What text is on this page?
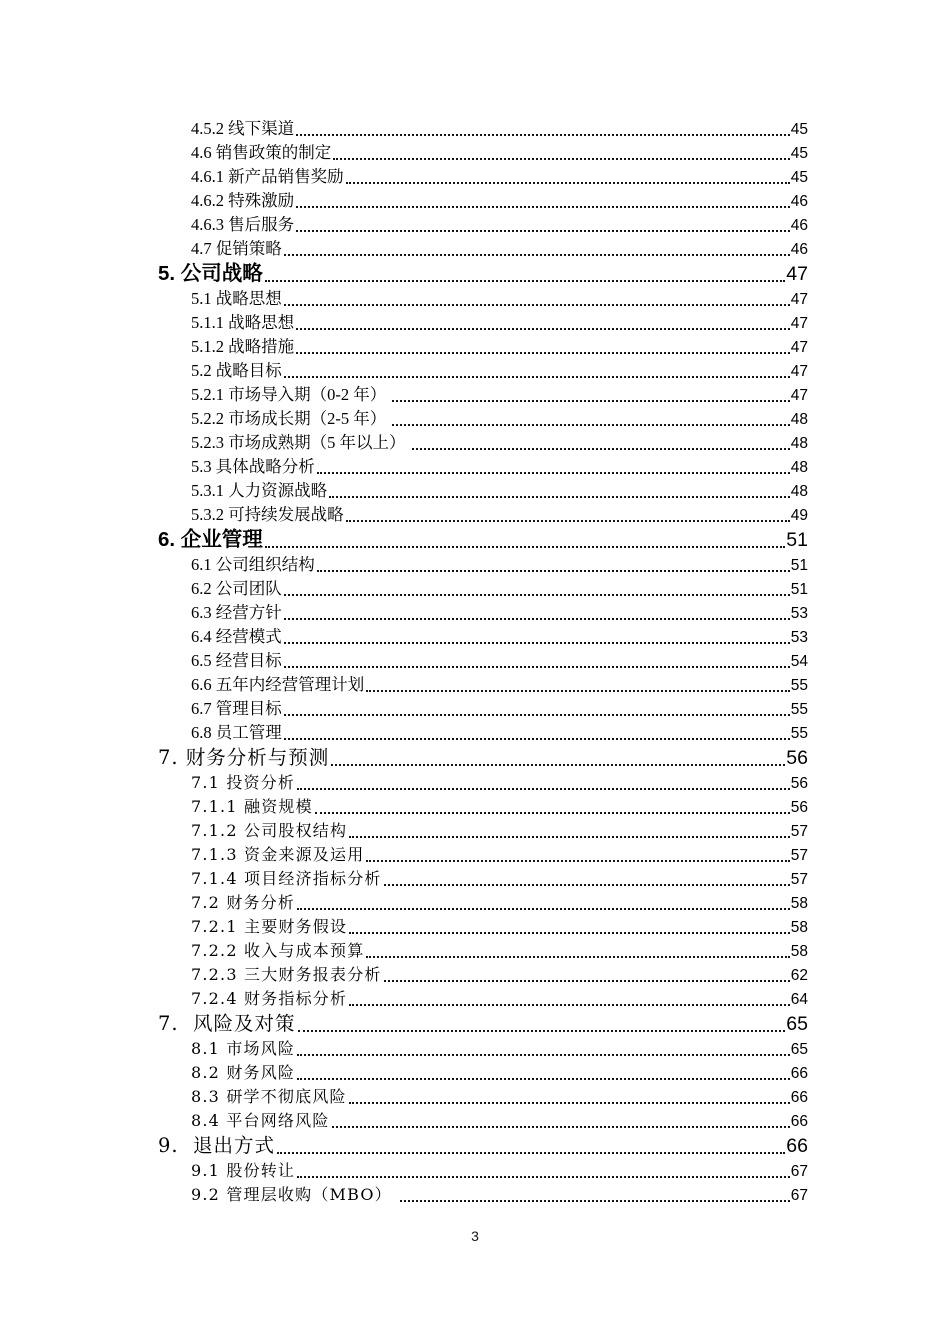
4.5.2 线下渠道	45
4.6 销售政策的制定	45
4.6.1 新产品销售奖励	45
4.6.2 特殊激励	46
4.6.3 售后服务	46
4.7 促销策略	46
5. 公司战略	47
5.1 战略思想	47
5.1.1 战略思想	47
5.1.2 战略措施	47
5.2 战略目标	47
5.2.1 市场导入期（0-2 年）	47
5.2.2 市场成长期（2-5 年）	48
5.2.3 市场成熟期（5 年以上）	48
5.3 具体战略分析	48
5.3.1 人力资源战略	48
5.3.2 可持续发展战略	49
6. 企业管理	51
6.1 公司组织结构	51
6.2 公司团队	51
6.3 经营方针	53
6.4 经营模式	53
6.5 经营目标	54
6.6 五年内经营管理计划	55
6.7 管理目标	55
6.8 员工管理	55
7. 财务分析与预测	56
7.1 投资分析	56
7.1.1 融资规模	56
7.1.2 公司股权结构	57
7.1.3 资金来源及运用	57
7.1.4 项目经济指标分析	57
7.2 财务分析	58
7.2.1 主要财务假设	58
7.2.2 收入与成本预算	58
7.2.3 三大财务报表分析	62
7.2.4 财务指标分析	64
7.  风险及对策	65
8.1 市场风险	65
8.2 财务风险	66
8.3 研学不彻底风险	66
8.4 平台网络风险	66
9.  退出方式	66
9.1 股份转让	67
9.2 管理层收购（MBO）	67
3
